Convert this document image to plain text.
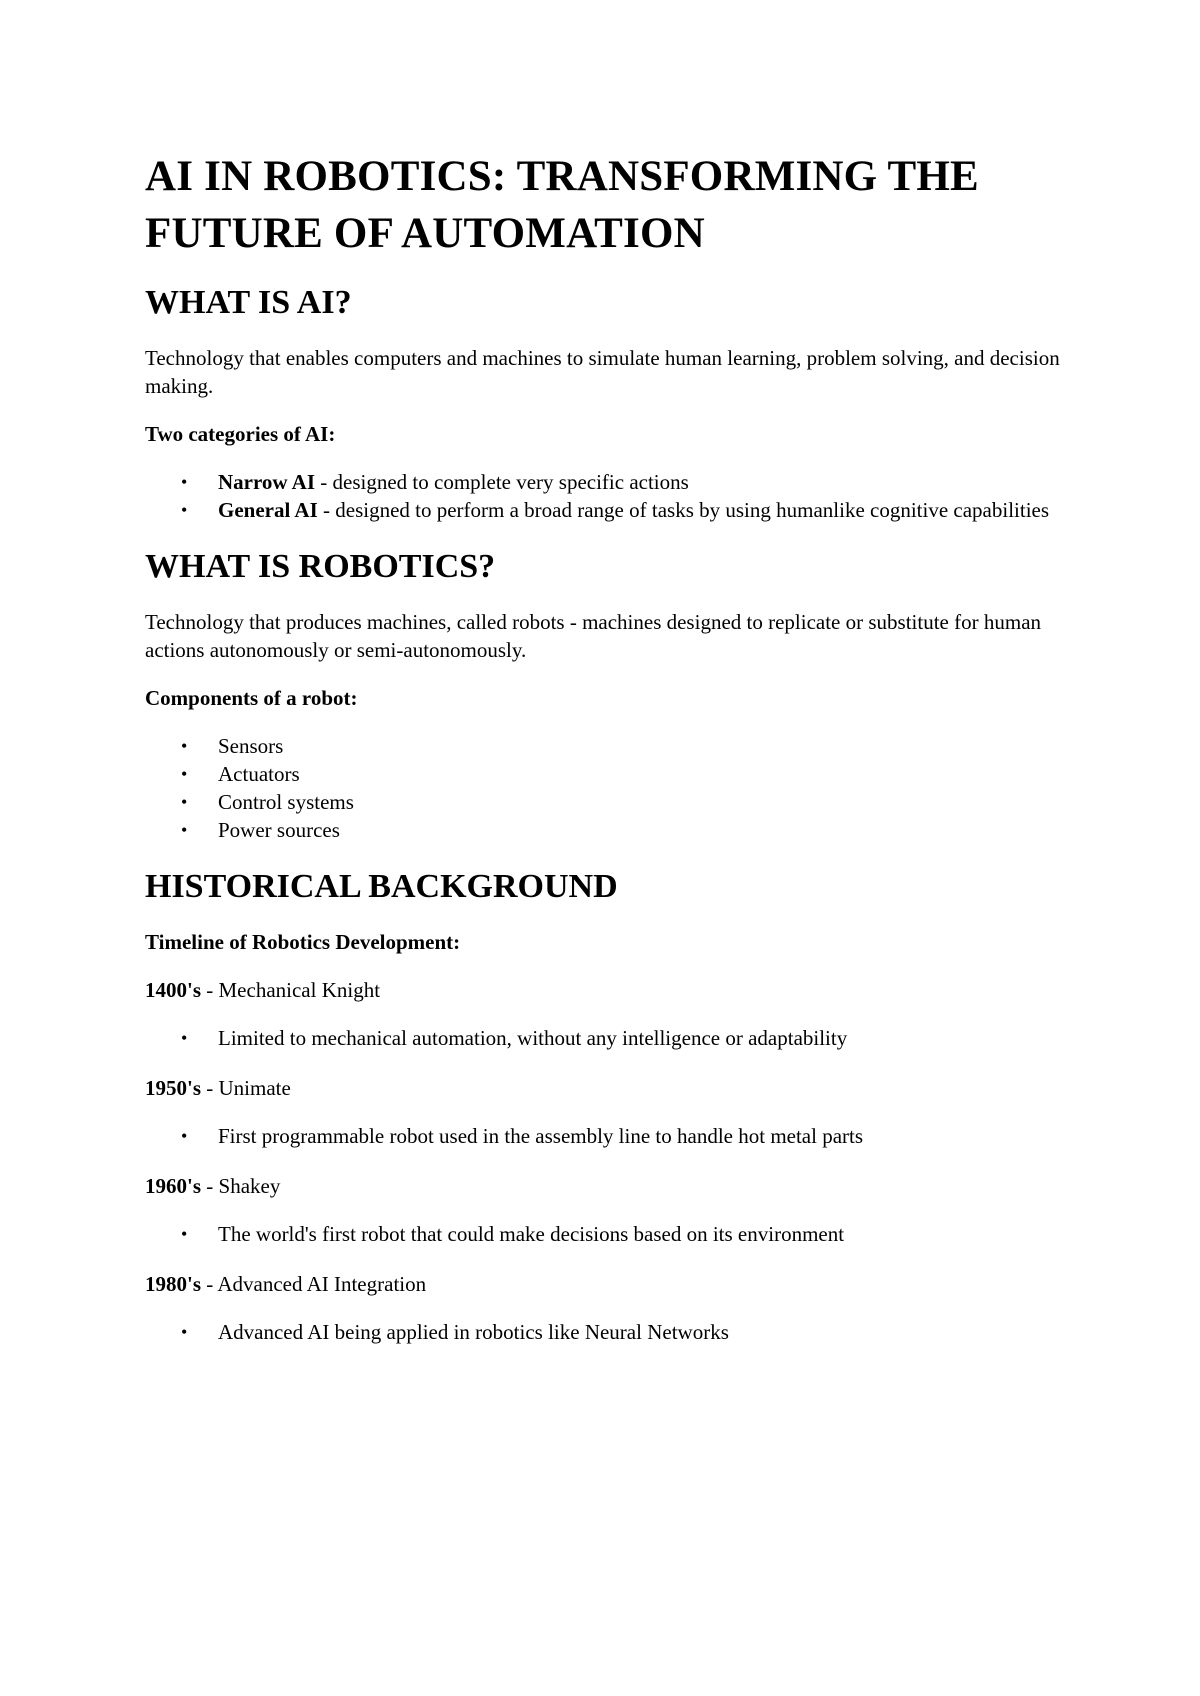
AI IN ROBOTICS: TRANSFORMING THE FUTURE OF AUTOMATION
WHAT IS AI?

Technology that enables computers and machines to simulate human learning, problem solving, and decision making.

Two categories of AI:

• Narrow AI - designed to complete very specific actions
• General AI - designed to perform a broad range of tasks by using humanlike cognitive capabilities
WHAT IS ROBOTICS?

Technology that produces machines, called robots - machines designed to replicate or substitute for human actions autonomously or semi-autonomously.

Components of a robot:

• Sensors
• Actuators
• Control systems
• Power sources
HISTORICAL BACKGROUND

Timeline of Robotics Development:

1400's - Mechanical Knight

• Limited to mechanical automation, without any intelligence or adaptability

1950's - Unimate

• First programmable robot used in the assembly line to handle hot metal parts

1960's - Shakey

• The world's first robot that could make decisions based on its environment

1980's - Advanced AI Integration

• Advanced AI being applied in robotics like Neural Networks
